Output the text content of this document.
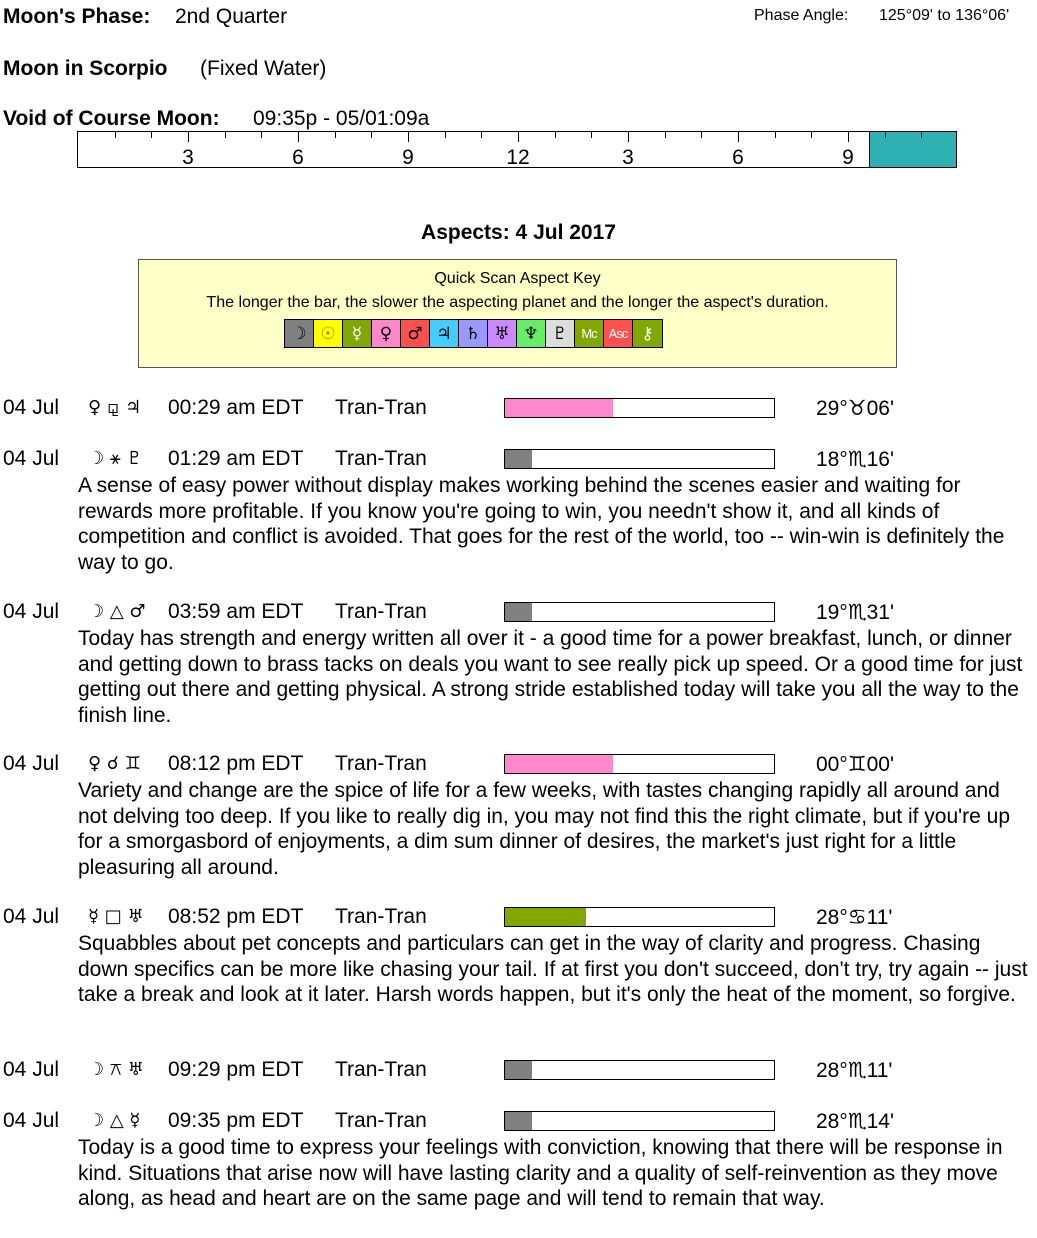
Moon's Phase: 2nd Quarter	Phase Angle: 125°09' to 136°06'
Moon in Scorpio (Fixed Water)
Void of Course Moon: 09:35p - 05/01:09a
3	6	9	12	3	6	9
Aspects: 4 Jul 2017
Quick Scan Aspect Key
The longer the bar, the slower the aspecting planet and the longer the aspect's duration.
☽ ☉ ☿	♀ ♂ ♃ ♄ ♅ ♆ ♇	Mc Asc ⚷
04 Jul ♀ ⚼ ♃ 00:29 am EDT Tran-Tran	29°♉06'
04 Jul ☽ ⚹ ♇ 01:29 am EDT Tran-Tran	18°♏16'
A sense of easy power without display makes working behind the scenes easier and waiting for rewards more profitable. If you know you're going to win, you needn't show it, and all kinds of competition and conflict is avoided. That goes for the rest of the world, too -- win-win is definitely the way to go.
04 Jul ☽ △ ♂ 03:59 am EDT Tran-Tran	19°♏31'
Today has strength and energy written all over it - a good time for a power breakfast, lunch, or dinner and getting down to brass tacks on deals you want to see really pick up speed. Or a good time for just getting out there and getting physical. A strong stride established today will take you all the way to the finish line.
04 Jul ♀ ☌ ♊ 08:12 pm EDT Tran-Tran	00°♊00'
Variety and change are the spice of life for a few weeks, with tastes changing rapidly all around and not delving too deep. If you like to really dig in, you may not find this the right climate, but if you're up for a smorgasbord of enjoyments, a dim sum dinner of desires, the market's just right for a little pleasuring all around.
04 Jul ☿ □ ♅ 08:52 pm EDT Tran-Tran	28°♋11'
Squabbles about pet concepts and particulars can get in the way of clarity and progress. Chasing down specifics can be more like chasing your tail. If at first you don't succeed, don't try, try again -- just take a break and look at it later. Harsh words happen, but it's only the heat of the moment, so forgive.
04 Jul ☽ ⚻ ♅ 09:29 pm EDT Tran-Tran	28°♏11'
04 Jul ☽ △ ☿ 09:35 pm EDT Tran-Tran	28°♏14'
Today is a good time to express your feelings with conviction, knowing that there will be response in kind. Situations that arise now will have lasting clarity and a quality of self-reinvention as they move along, as head and heart are on the same page and will tend to remain that way.
